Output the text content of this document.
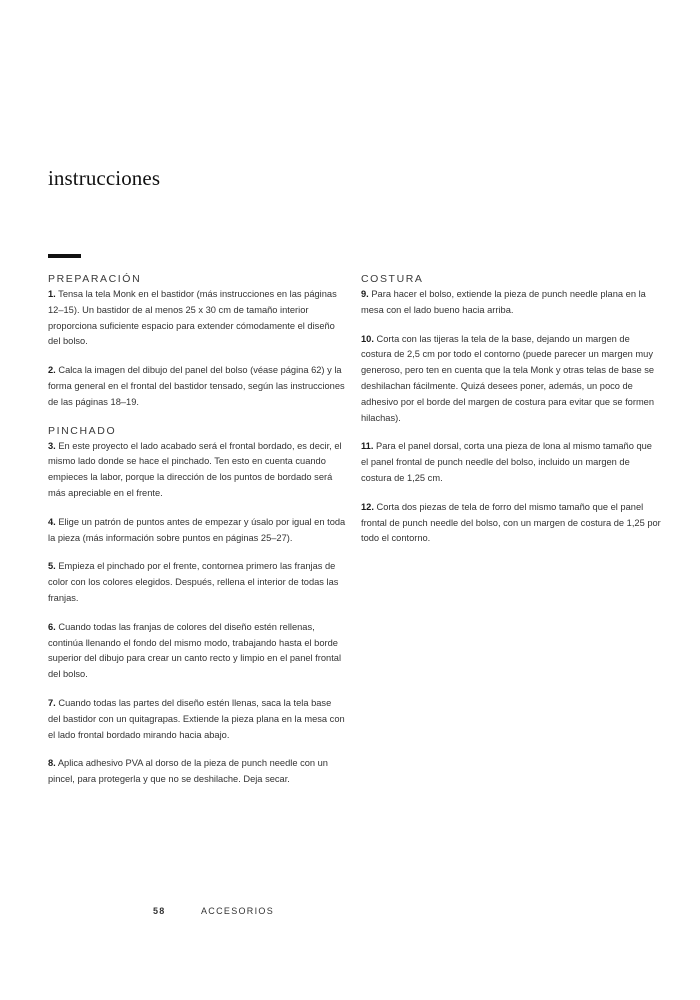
instrucciones

PREPARACIÓN

1. Tensa la tela Monk en el bastidor (más instrucciones en las páginas 12–15). Un bastidor de al menos 25 x 30 cm de tamaño interior proporciona suficiente espacio para extender cómodamente el diseño del bolso.

2. Calca la imagen del dibujo del panel del bolso (véase página 62) y la forma general en el frontal del bastidor tensado, según las instrucciones de las páginas 18–19.

PINCHADO

3. En este proyecto el lado acabado será el frontal bordado, es decir, el mismo lado donde se hace el pinchado. Ten esto en cuenta cuando empieces la labor, porque la dirección de los puntos de bordado será más apreciable en el frente.

4. Elige un patrón de puntos antes de empezar y úsalo por igual en toda la pieza (más información sobre puntos en páginas 25–27).

5. Empieza el pinchado por el frente, contornea primero las franjas de color con los colores elegidos. Después, rellena el interior de todas las franjas.

6. Cuando todas las franjas de colores del diseño estén rellenas, continúa llenando el fondo del mismo modo, trabajando hasta el borde superior del dibujo para crear un canto recto y limpio en el panel frontal del bolso.

7. Cuando todas las partes del diseño estén llenas, saca la tela base del bastidor con un quitagrapas. Extiende la pieza plana en la mesa con el lado frontal bordado mirando hacia abajo.

8. Aplica adhesivo PVA al dorso de la pieza de punch needle con un pincel, para protegerla y que no se deshilache. Deja secar.

COSTURA

9. Para hacer el bolso, extiende la pieza de punch needle plana en la mesa con el lado bueno hacia arriba.

10. Corta con las tijeras la tela de la base, dejando un margen de costura de 2,5 cm por todo el contorno (puede parecer un margen muy generoso, pero ten en cuenta que la tela Monk y otras telas de base se deshilachan fácilmente. Quizá desees poner, además, un poco de adhesivo por el borde del margen de costura para evitar que se formen hilachas).

11. Para el panel dorsal, corta una pieza de lona al mismo tamaño que el panel frontal de punch needle del bolso, incluido un margen de costura de 1,25 cm.

12. Corta dos piezas de tela de forro del mismo tamaño que el panel frontal de punch needle del bolso, con un margen de costura de 1,25 por todo el contorno.

58	ACCESORIOS
